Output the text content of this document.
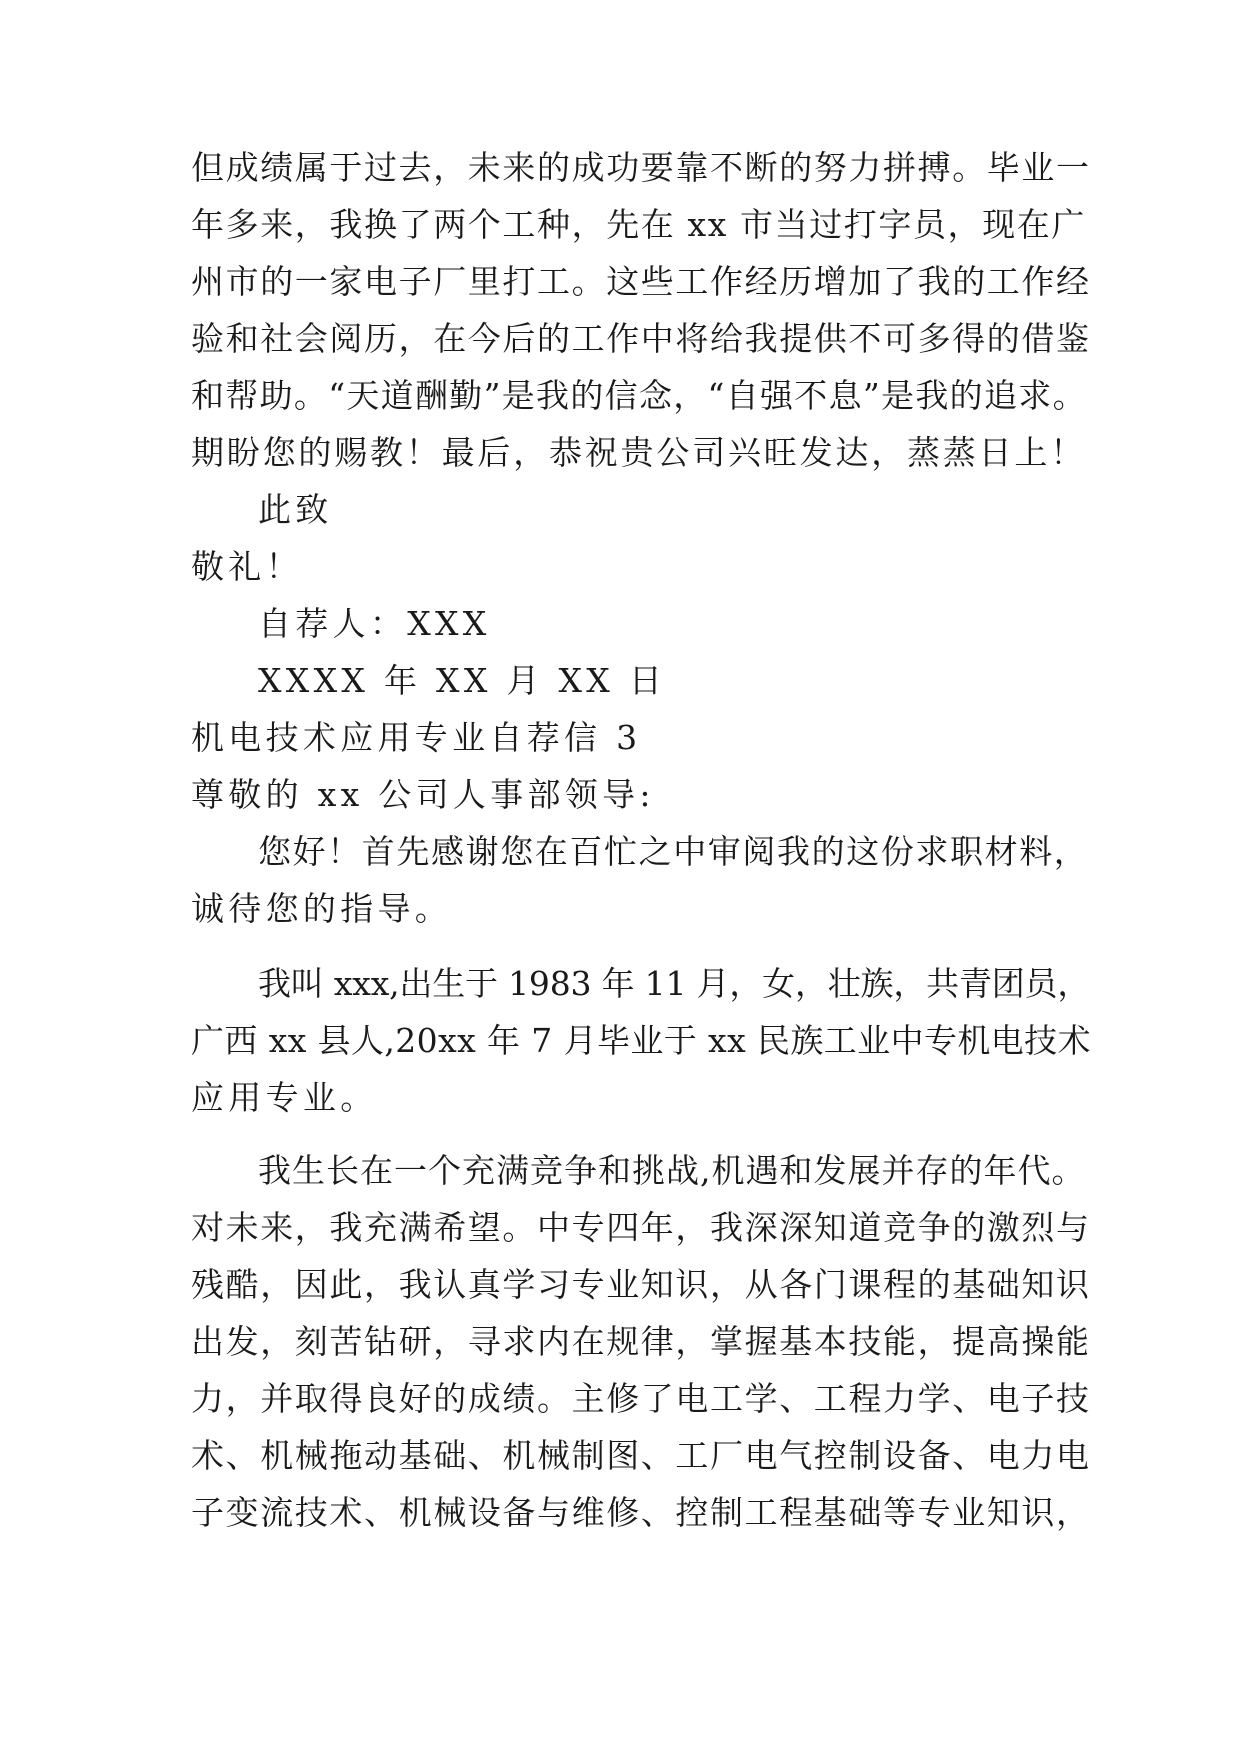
但成绩属于过去，未来的成功要靠不断的努力拼搏。毕业一
年多来，我换了两个工种，先在 xx 市当过打字员，现在广
州市的一家电子厂里打工。这些工作经历增加了我的工作经
验和社会阅历，在今后的工作中将给我提供不可多得的借鉴
和帮助。“天道酬勤”是我的信念，“自强不息”是我的追求。
期盼您的赐教！最后，恭祝贵公司兴旺发达，蒸蒸日上！
此致
敬礼！
自荐人：XXX
XXXX 年 XX 月 XX 日
机电技术应用专业自荐信 3
尊敬的 xx 公司人事部领导:
您好！首先感谢您在百忙之中审阅我的这份求职材料，
诚待您的指导。
我叫 xxx,出生于 1983 年 11 月，女，壮族，共青团员，
广西 xx 县人,20xx 年 7 月毕业于 xx 民族工业中专机电技术
应用专业。
我生长在一个充满竞争和挑战,机遇和发展并存的年代。
对未来，我充满希望。中专四年，我深深知道竞争的激烈与
残酷，因此，我认真学习专业知识，从各门课程的基础知识
出发，刻苦钻研，寻求内在规律，掌握基本技能，提高操能
力，并取得良好的成绩。主修了电工学、工程力学、电子技
术、机械拖动基础、机械制图、工厂电气控制设备、电力电
子变流技术、机械设备与维修、控制工程基础等专业知识，
